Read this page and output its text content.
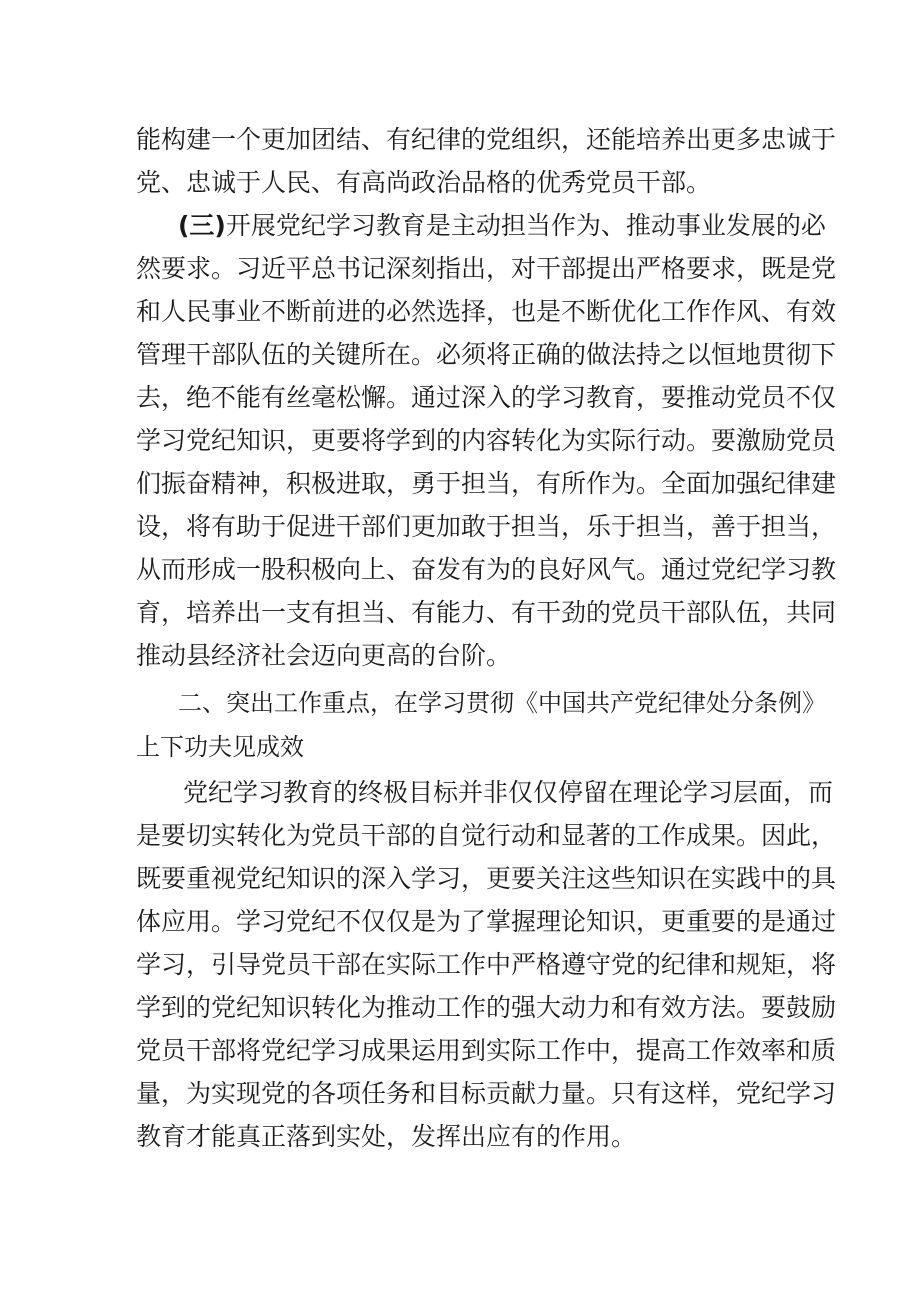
能构建一个更加团结、有纪律的党组织，还能培养出更多忠诚于
党、忠诚于人民、有高尚政治品格的优秀党员干部。
(三)开展党纪学习教育是主动担当作为、推动事业发展的必
然要求。习近平总书记深刻指出，对干部提出严格要求，既是党
和人民事业不断前进的必然选择，也是不断优化工作作风、有效
管理干部队伍的关键所在。必须将正确的做法持之以恒地贯彻下
去，绝不能有丝毫松懈。通过深入的学习教育，要推动党员不仅
学习党纪知识，更要将学到的内容转化为实际行动。要激励党员
们振奋精神，积极进取，勇于担当，有所作为。全面加强纪律建
设，将有助于促进干部们更加敢于担当，乐于担当，善于担当，
从而形成一股积极向上、奋发有为的良好风气。通过党纪学习教
育，培养出一支有担当、有能力、有干劲的党员干部队伍，共同
推动县经济社会迈向更高的台阶。
二、突出工作重点，在学习贯彻《中国共产党纪律处分条例》
上下功夫见成效
党纪学习教育的终极目标并非仅仅停留在理论学习层面，而
是要切实转化为党员干部的自觉行动和显著的工作成果。因此，
既要重视党纪知识的深入学习，更要关注这些知识在实践中的具
体应用。学习党纪不仅仅是为了掌握理论知识，更重要的是通过
学习，引导党员干部在实际工作中严格遵守党的纪律和规矩，将
学到的党纪知识转化为推动工作的强大动力和有效方法。要鼓励
党员干部将党纪学习成果运用到实际工作中，提高工作效率和质
量，为实现党的各项任务和目标贡献力量。只有这样，党纪学习
教育才能真正落到实处，发挥出应有的作用。
